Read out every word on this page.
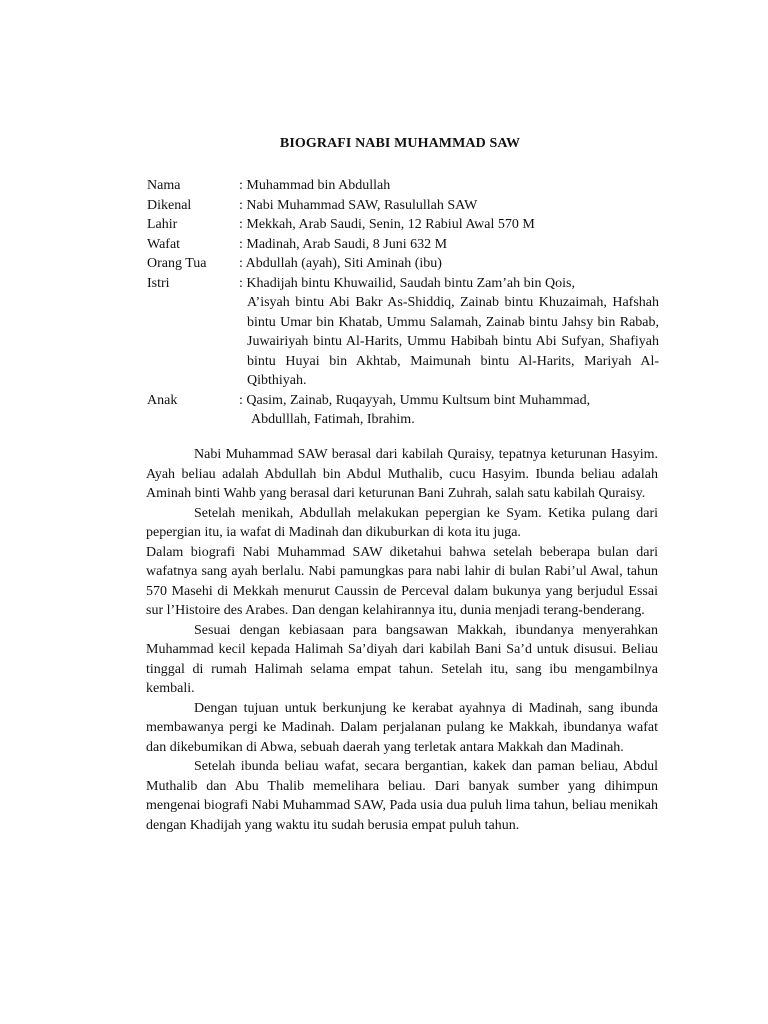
BIOGRAFI NABI MUHAMMAD SAW
Nama	: Muhammad bin Abdullah
Dikenal	: Nabi Muhammad SAW, Rasulullah SAW
Lahir	: Mekkah, Arab Saudi, Senin, 12 Rabiul Awal 570 M
Wafat	: Madinah, Arab Saudi, 8 Juni 632 M
Orang Tua	: Abdullah (ayah), Siti Aminah (ibu)
Istri	: Khadijah bintu Khuwailid, Saudah bintu Zam’ah bin Qois,
A’isyah bintu Abi Bakr As-Shiddiq, Zainab bintu Khuzaimah, Hafshah bintu Umar bin Khatab, Ummu Salamah, Zainab bintu Jahsy bin Rabab, Juwairiyah bintu Al-Harits, Ummu Habibah bintu Abi Sufyan, Shafiyah bintu Huyai bin Akhtab, Maimunah bintu Al-Harits, Mariyah Al-Qibthiyah.
Anak	: Qasim, Zainab, Ruqayyah, Ummu Kultsum bint Muhammad,
Abdulllah, Fatimah, Ibrahim.

Nabi Muhammad SAW berasal dari kabilah Quraisy, tepatnya keturunan Hasyim. Ayah beliau adalah Abdullah bin Abdul Muthalib, cucu Hasyim. Ibunda beliau adalah Aminah binti Wahb yang berasal dari keturunan Bani Zuhrah, salah satu kabilah Quraisy.

Setelah menikah, Abdullah melakukan pepergian ke Syam. Ketika pulang dari pepergian itu, ia wafat di Madinah dan dikuburkan di kota itu juga.

Dalam biografi Nabi Muhammad SAW diketahui bahwa setelah beberapa bulan dari wafatnya sang ayah berlalu. Nabi pamungkas para nabi lahir di bulan Rabi’ul Awal, tahun 570 Masehi di Mekkah menurut Caussin de Perceval dalam bukunya yang berjudul Essai sur l’Histoire des Arabes. Dan dengan kelahirannya itu, dunia menjadi terang-benderang.

Sesuai dengan kebiasaan para bangsawan Makkah, ibundanya menyerahkan Muhammad kecil kepada Halimah Sa’diyah dari kabilah Bani Sa’d untuk disusui. Beliau tinggal di rumah Halimah selama empat tahun. Setelah itu, sang ibu mengambilnya kembali.

Dengan tujuan untuk berkunjung ke kerabat ayahnya di Madinah, sang ibunda membawanya pergi ke Madinah. Dalam perjalanan pulang ke Makkah, ibundanya wafat dan dikebumikan di Abwa, sebuah daerah yang terletak antara Makkah dan Madinah.

Setelah ibunda beliau wafat, secara bergantian, kakek dan paman beliau, Abdul Muthalib dan Abu Thalib memelihara beliau. Dari banyak sumber yang dihimpun mengenai biografi Nabi Muhammad SAW, Pada usia dua puluh lima tahun, beliau menikah dengan Khadijah yang waktu itu sudah berusia empat puluh tahun.
